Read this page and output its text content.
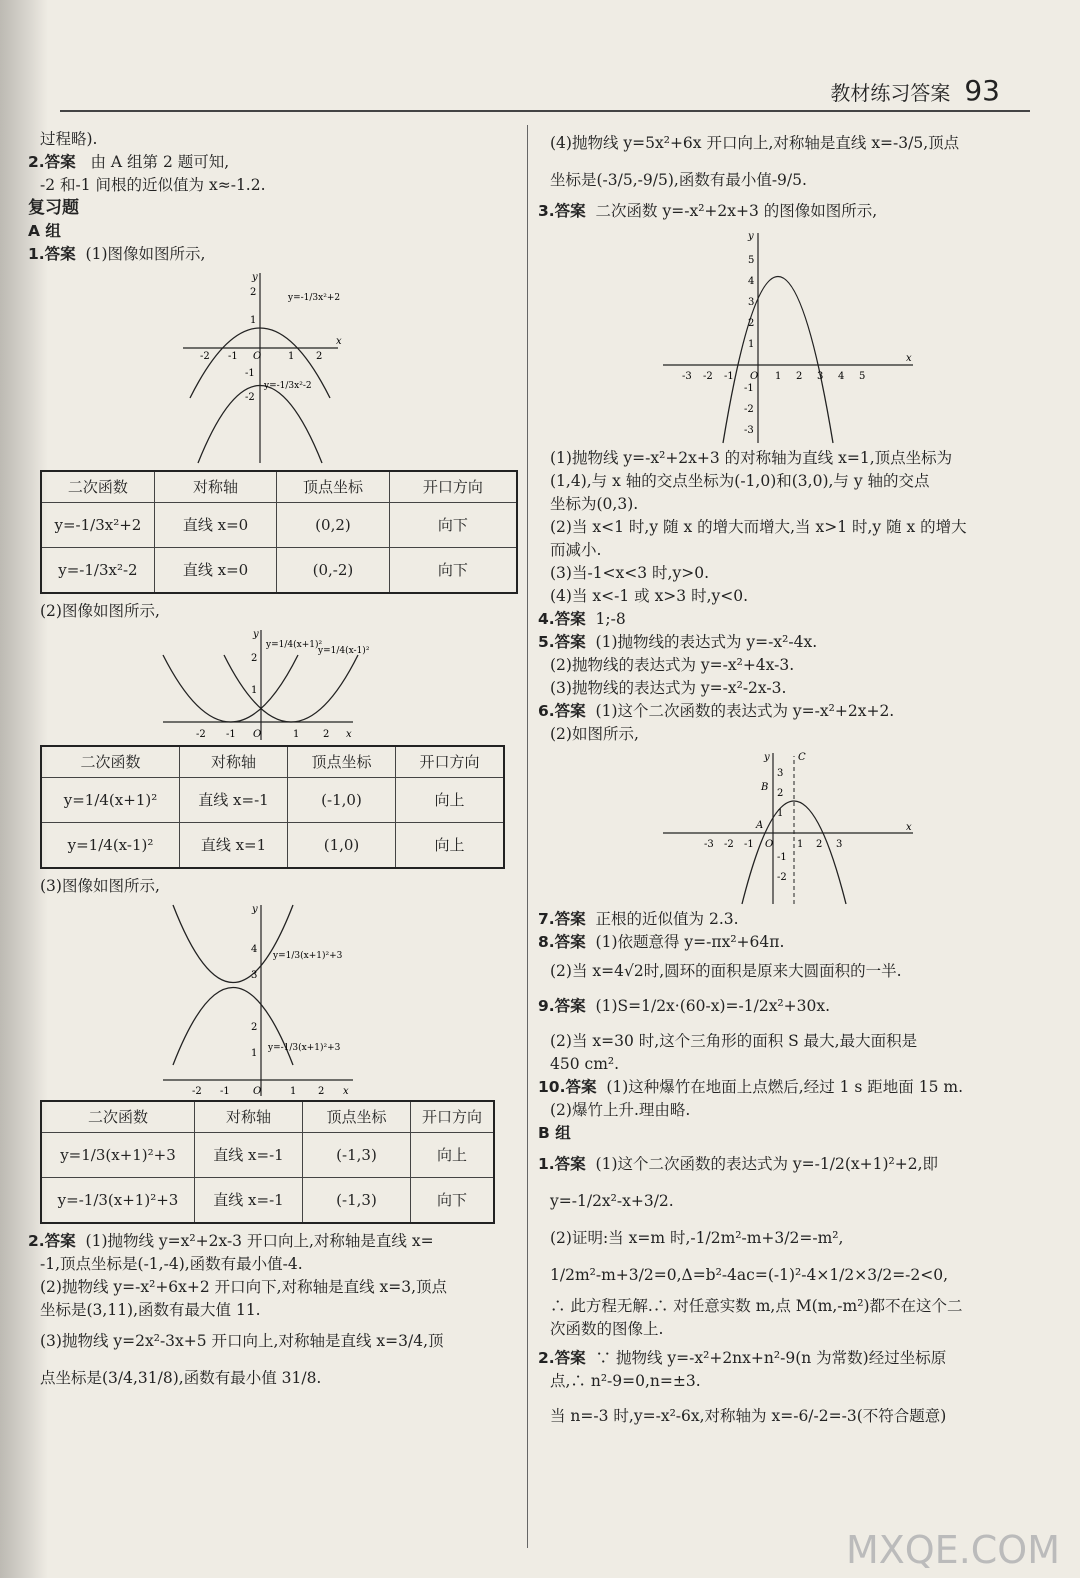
教材练习答案 93

过程略).

2.答案 由 A 组第 2 题可知,

-2 和-1 间根的近似值为 x≈-1.2.

复习题

A 组

1.答案 (1)图像如图所示,

x
y
-2 -1 O	1 2
2
1
-1
-2
y=-1/3x²+2
y=-1/3x²-2
二次函数	对称轴	顶点坐标	开口方向
y=-1/3x²+2	直线 x=0	(0,2)	向下
y=-1/3x²-2	直线 x=0	(0,-2)	向下

(2)图像如图所示,

x
y
-2 -1 O	1 2
2
1
y=1/4(x+1)²
y=1/4(x-1)²
二次函数	对称轴	顶点坐标	开口方向
y=1/4(x+1)²	直线 x=-1	(-1,0)	向上
y=1/4(x-1)²	直线 x=1	(1,0)	向上

(3)图像如图所示,

x
y
-2 -1 O	1 2
4
3
2
1
y=1/3(x+1)²+3
y=-1/3(x+1)²+3
二次函数	对称轴	顶点坐标	开口方向
y=1/3(x+1)²+3	直线 x=-1	(-1,3)	向上
y=-1/3(x+1)²+3	直线 x=-1	(-1,3)	向下

2.答案 (1)抛物线 y=x²+2x-3 开口向上,对称轴是直线 x=

-1,顶点坐标是(-1,-4),函数有最小值-4.

(2)抛物线 y=-x²+6x+2 开口向下,对称轴是直线 x=3,顶点

坐标是(3,11),函数有最大值 11.

(3)抛物线 y=2x²-3x+5 开口向上,对称轴是直线 x=3/4,顶

点坐标是(3/4,31/8),函数有最小值 31/8.

(4)抛物线 y=5x²+6x 开口向上,对称轴是直线 x=-3/5,顶点

坐标是(-3/5,-9/5),函数有最小值-9/5.

3.答案 二次函数 y=-x²+2x+3 的图像如图所示,

x
y
-3 -2 -1 O 1 2 3 4 5
5
4
3
2
1
-1
-2
-3

(1)抛物线 y=-x²+2x+3 的对称轴为直线 x=1,顶点坐标为

(1,4),与 x 轴的交点坐标为(-1,0)和(3,0),与 y 轴的交点

坐标为(0,3).

(2)当 x<1 时,y 随 x 的增大而增大,当 x>1 时,y 随 x 的增大

而减小.

(3)当-1<x<3 时,y>0.

(4)当 x<-1 或 x>3 时,y<0.

4.答案 1;-8

5.答案 (1)抛物线的表达式为 y=-x²-4x.

(2)抛物线的表达式为 y=-x²+4x-3.

(3)抛物线的表达式为 y=-x²-2x-3.

6.答案 (1)这个二次函数的表达式为 y=-x²+2x+2.

(2)如图所示,

x
y
-3 -2 -1 O 1 2 3
3
2
1
-1
-2
A
B
C

7.答案 正根的近似值为 2.3.

8.答案 (1)依题意得 y=-πx²+64π.

(2)当 x=4√2时,圆环的面积是原来大圆面积的一半.

9.答案 (1)S=1/2x·(60-x)=-1/2x²+30x.

(2)当 x=30 时,这个三角形的面积 S 最大,最大面积是

450 cm².

10.答案 (1)这种爆竹在地面上点燃后,经过 1 s 距地面 15 m.

(2)爆竹上升.理由略.

B 组

1.答案 (1)这个二次函数的表达式为 y=-1/2(x+1)²+2,即

y=-1/2x²-x+3/2.

(2)证明:当 x=m 时,-1/2m²-m+3/2=-m²,

1/2m²-m+3/2=0,Δ=b²-4ac=(-1)²-4×1/2×3/2=-2<0,

∴ 此方程无解.∴ 对任意实数 m,点 M(m,-m²)都不在这个二

次函数的图像上.

2.答案 ∵ 抛物线 y=-x²+2nx+n²-9(n 为常数)经过坐标原

点,∴ n²-9=0,n=±3.

当 n=-3 时,y=-x²-6x,对称轴为 x=-6/-2=-3(不符合题意)

MXQE.COM
